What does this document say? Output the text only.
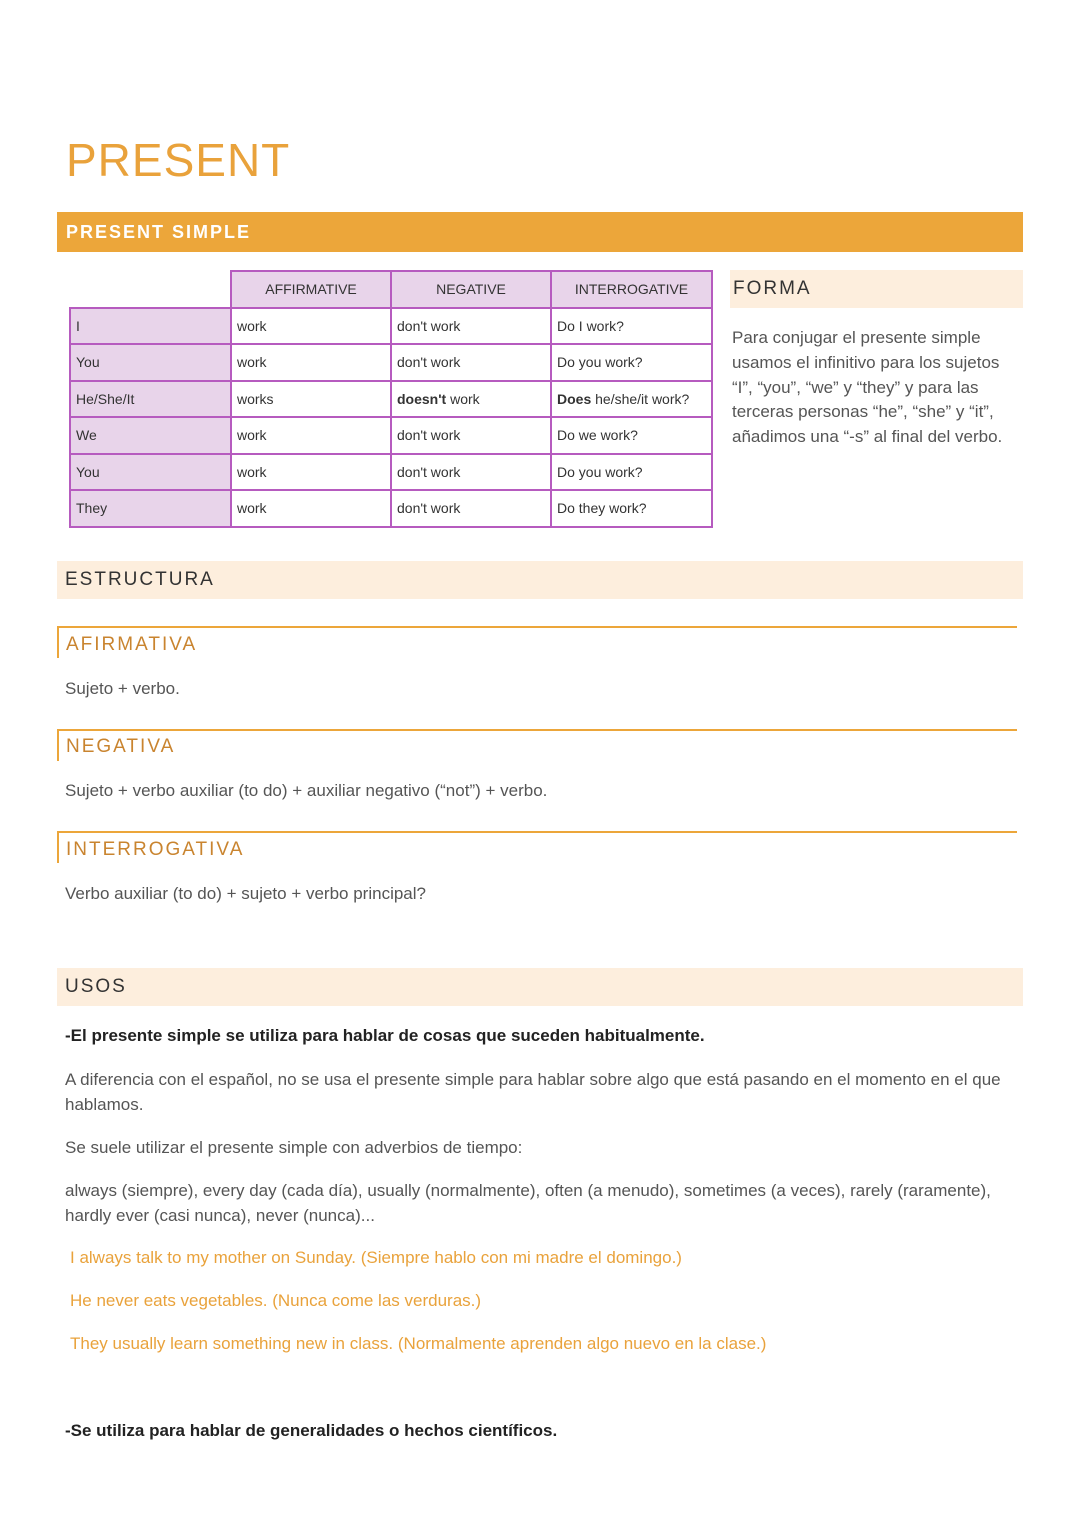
PRESENT
PRESENT SIMPLE
	AFFIRMATIVE	NEGATIVE	INTERROGATIVE
I	work	don't work	Do I work?
You	work	don't work	Do you work?
He/She/It	works	doesn't work	Does he/she/it work?
We	work	don't work	Do we work?
You	work	don't work	Do you work?
They	work	don't work	Do they work?
FORMA

Para conjugar el presente simple usamos el infinitivo para los sujetos “I”, “you”, “we” y “they” y para las terceras personas “he”, “she” y “it”, añadimos una “-s” al final del verbo.

ESTRUCTURA
AFIRMATIVA

Sujeto + verbo.

NEGATIVA

Sujeto + verbo auxiliar (to do) + auxiliar negativo (“not”) + verbo.

INTERROGATIVA

Verbo auxiliar (to do) + sujeto + verbo principal?

USOS

-El presente simple se utiliza para hablar de cosas que suceden habitualmente.

A diferencia con el español, no se usa el presente simple para hablar sobre algo que está pasando en el momento en el que hablamos.

Se suele utilizar el presente simple con adverbios de tiempo:

always (siempre), every day (cada día), usually (normalmente), often (a menudo), sometimes (a veces), rarely (raramente), hardly ever (casi nunca), never (nunca)...

I always talk to my mother on Sunday. (Siempre hablo con mi madre el domingo.)

He never eats vegetables. (Nunca come las verduras.)

They usually learn something new in class. (Normalmente aprenden algo nuevo en la clase.)

-Se utiliza para hablar de generalidades o hechos científicos.
